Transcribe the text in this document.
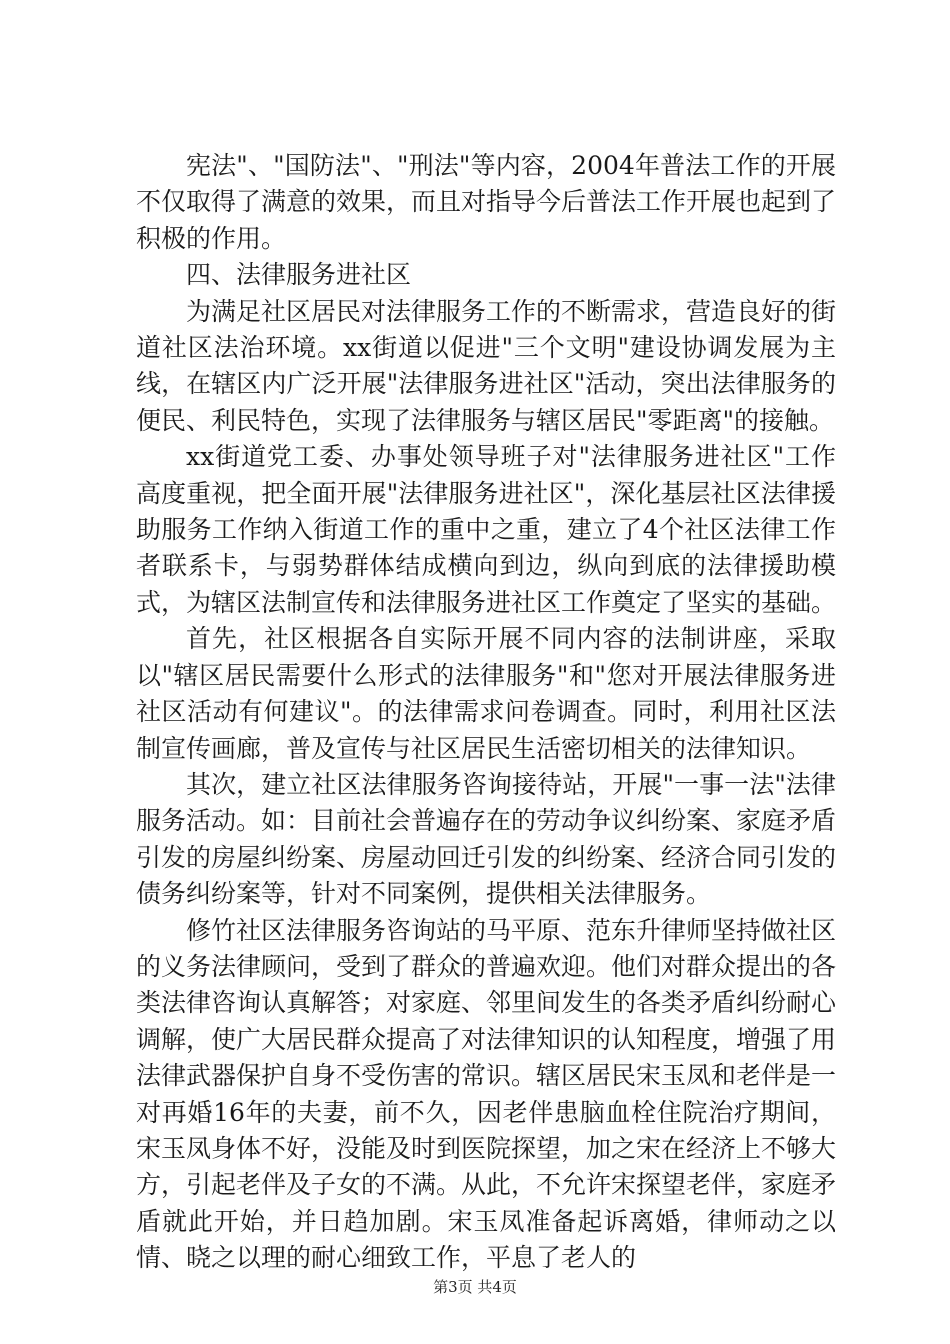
宪法"、"国防法"、"刑法"等内容，2004年普法工作的开展不仅取得了满意的效果，而且对指导今后普法工作开展也起到了积极的作用。

四、法律服务进社区

为满足社区居民对法律服务工作的不断需求，营造良好的街道社区法治环境。xx街道以促进"三个文明"建设协调发展为主线，在辖区内广泛开展"法律服务进社区"活动，突出法律服务的便民、利民特色，实现了法律服务与辖区居民"零距离"的接触。

xx街道党工委、办事处领导班子对"法律服务进社区"工作高度重视，把全面开展"法律服务进社区"，深化基层社区法律援助服务工作纳入街道工作的重中之重，建立了4个社区法律工作者联系卡，与弱势群体结成横向到边，纵向到底的法律援助模式，为辖区法制宣传和法律服务进社区工作奠定了坚实的基础。

首先，社区根据各自实际开展不同内容的法制讲座，采取以"辖区居民需要什么形式的法律服务"和"您对开展法律服务进社区活动有何建议"。的法律需求问卷调查。同时，利用社区法制宣传画廊，普及宣传与社区居民生活密切相关的法律知识。

其次，建立社区法律服务咨询接待站，开展"一事一法"法律服务活动。如：目前社会普遍存在的劳动争议纠纷案、家庭矛盾引发的房屋纠纷案、房屋动回迁引发的纠纷案、经济合同引发的债务纠纷案等，针对不同案例，提供相关法律服务。

修竹社区法律服务咨询站的马平原、范东升律师坚持做社区的义务法律顾问，受到了群众的普遍欢迎。他们对群众提出的各类法律咨询认真解答；对家庭、邻里间发生的各类矛盾纠纷耐心调解，使广大居民群众提高了对法律知识的认知程度，增强了用法律武器保护自身不受伤害的常识。辖区居民宋玉凤和老伴是一对再婚16年的夫妻，前不久，因老伴患脑血栓住院治疗期间，宋玉凤身体不好，没能及时到医院探望，加之宋在经济上不够大方，引起老伴及子女的不满。从此，不允许宋探望老伴，家庭矛盾就此开始，并日趋加剧。宋玉凤准备起诉离婚，律师动之以情、晓之以理的耐心细致工作，平息了老人的

第3页 共4页
